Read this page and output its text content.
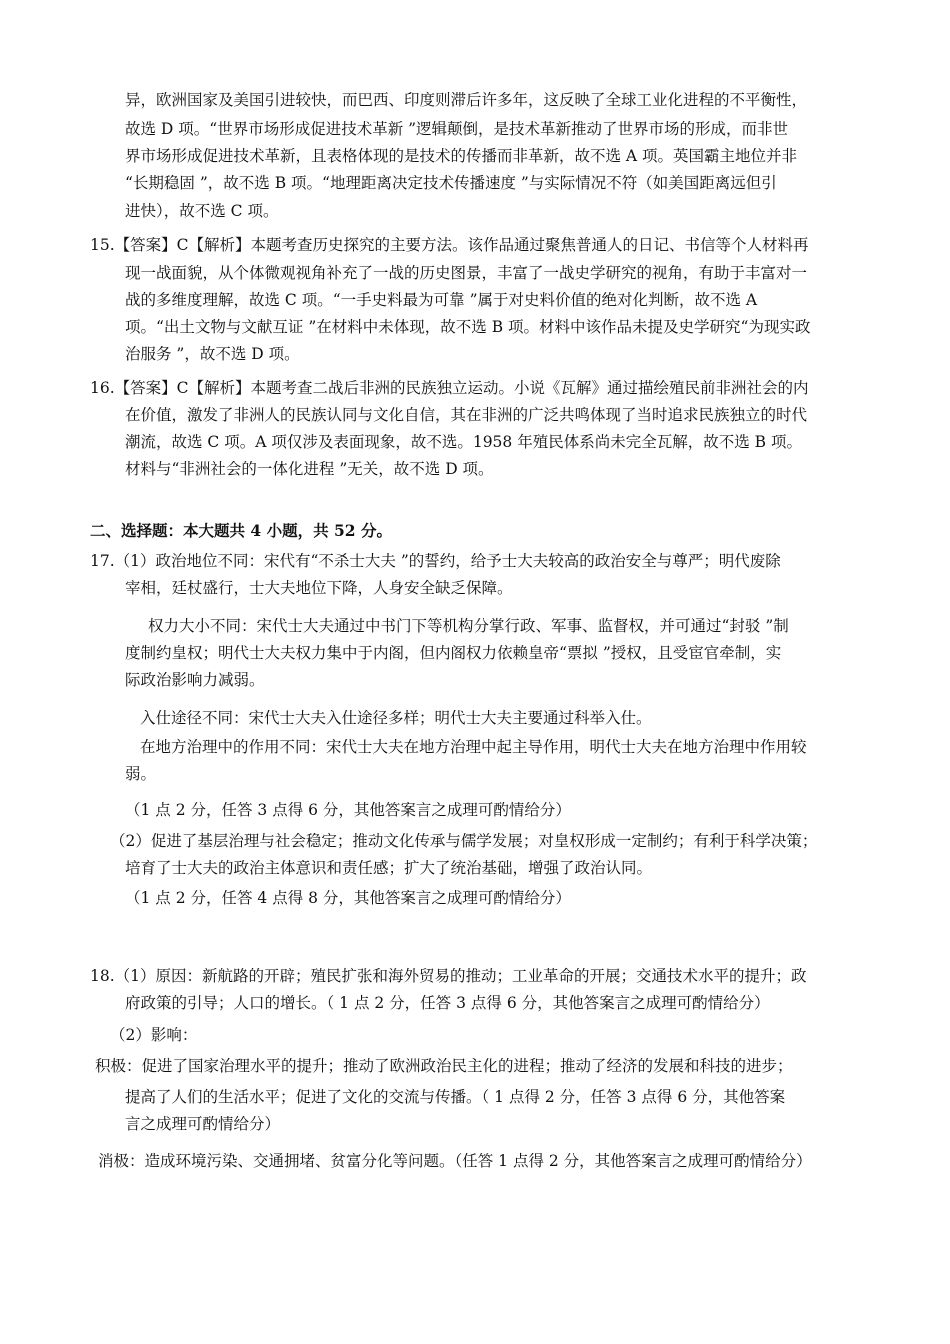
异，欧洲国家及美国引进较快，而巴西、印度则滞后许多年，这反映了全球工业化进程的不平衡性，
故选 D 项。“世界市场形成促进技术革新 ”逻辑颠倒，是技术革新推动了世界市场的形成，而非世
界市场形成促进技术革新，且表格体现的是技术的传播而非革新，故不选 A 项。英国霸主地位并非
“长期稳固 ”，故不选 B 项。“地理距离决定技术传播速度 ”与实际情况不符（如美国距离远但引
进快），故不选 C 项。
15.【答案】C【解析】本题考查历史探究的主要方法。该作品通过聚焦普通人的日记、书信等个人材料再
现一战面貌，从个体微观视角补充了一战的历史图景，丰富了一战史学研究的视角，有助于丰富对一
战的多维度理解，故选 C 项。“一手史料最为可靠 ”属于对史料价值的绝对化判断，故不选 A
项。“出土文物与文献互证 ”在材料中未体现，故不选 B 项。材料中该作品未提及史学研究“为现实政
治服务 ”，故不选 D 项。
16.【答案】C【解析】本题考查二战后非洲的民族独立运动。小说《瓦解》通过描绘殖民前非洲社会的内
在价值，激发了非洲人的民族认同与文化自信，其在非洲的广泛共鸣体现了当时追求民族独立的时代
潮流，故选 C 项。A 项仅涉及表面现象，故不选。1958 年殖民体系尚未完全瓦解，故不选 B 项。
材料与“非洲社会的一体化进程 ”无关，故不选 D 项。
二、选择题：本大题共 4 小题，共 52 分。
17.（1）政治地位不同：宋代有“不杀士大夫 ”的誓约，给予士大夫较高的政治安全与尊严；明代废除
宰相，廷杖盛行，士大夫地位下降，人身安全缺乏保障。
权力大小不同：宋代士大夫通过中书门下等机构分掌行政、军事、监督权，并可通过“封驳 ”制
度制约皇权；明代士大夫权力集中于内阁，但内阁权力依赖皇帝“票拟 ”授权，且受宦官牵制，实
际政治影响力减弱。
入仕途径不同：宋代士大夫入仕途径多样；明代士大夫主要通过科举入仕。
在地方治理中的作用不同：宋代士大夫在地方治理中起主导作用，明代士大夫在地方治理中作用较
弱。
（1 点 2 分，任答 3 点得 6 分，其他答案言之成理可酌情给分）
（2）促进了基层治理与社会稳定；推动文化传承与儒学发展；对皇权形成一定制约；有利于科学决策；
培育了士大夫的政治主体意识和责任感；扩大了统治基础，增强了政治认同。
（1 点 2 分，任答 4 点得 8 分，其他答案言之成理可酌情给分）
18.（1）原因：新航路的开辟；殖民扩张和海外贸易的推动；工业革命的开展；交通技术水平的提升；政
府政策的引导；人口的增长。（ 1 点 2 分，任答 3 点得 6 分，其他答案言之成理可酌情给分）
（2）影响：
积极：促进了国家治理水平的提升；推动了欧洲政治民主化的进程；推动了经济的发展和科技的进步；
提高了人们的生活水平；促进了文化的交流与传播。（ 1 点得 2 分，任答 3 点得 6 分，其他答案
言之成理可酌情给分）
消极：造成环境污染、交通拥堵、贫富分化等问题。（任答 1 点得 2 分，其他答案言之成理可酌情给分）
